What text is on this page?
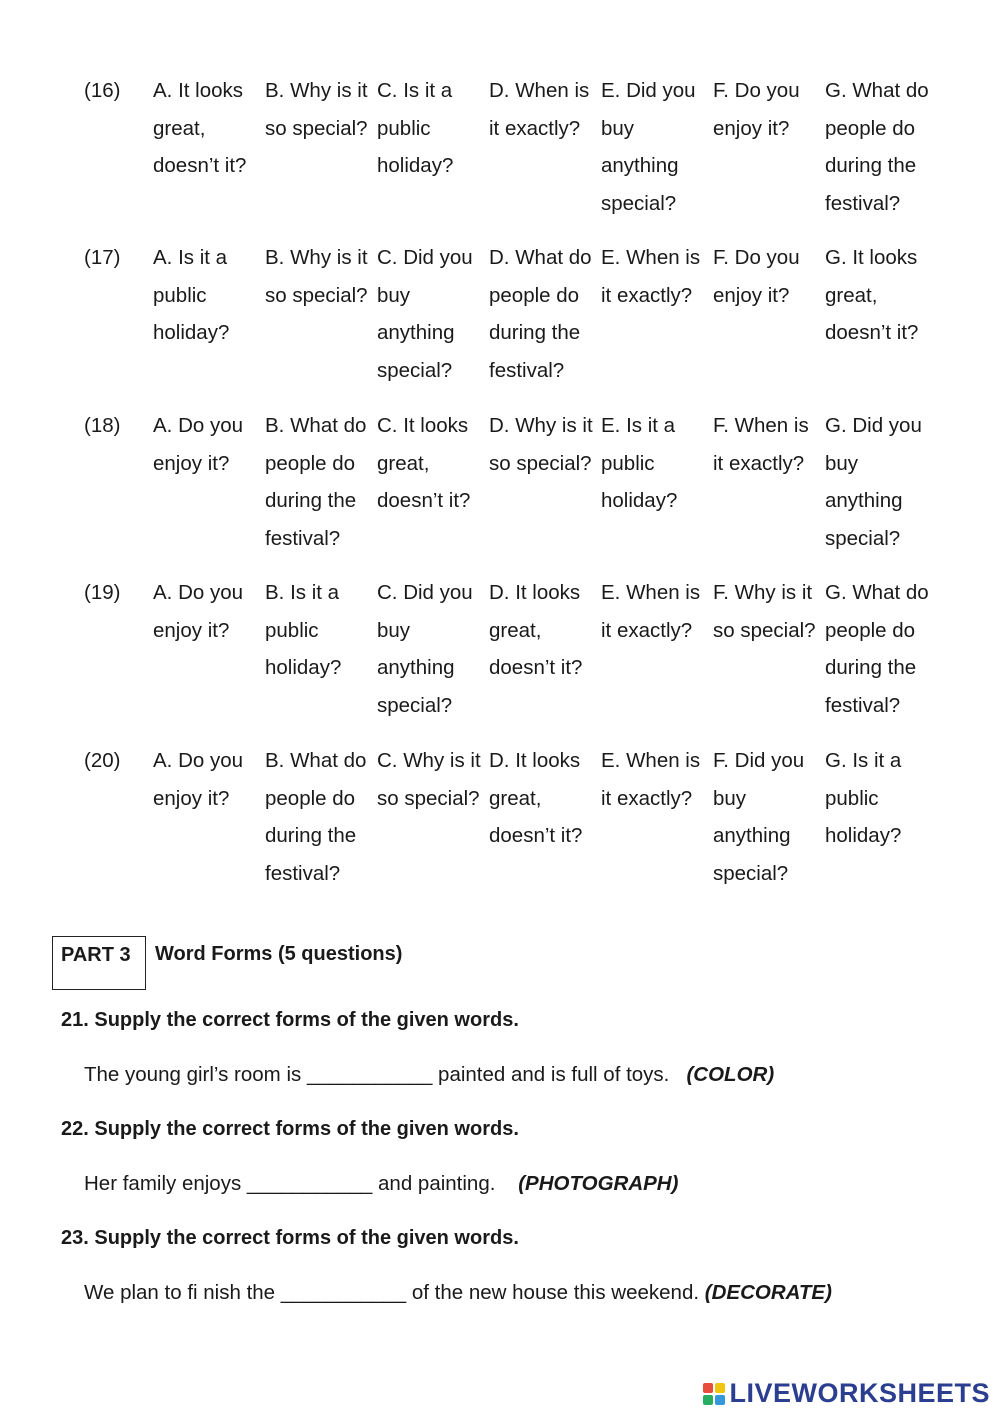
(16) A. It looks great, doesn’t it?
B. Why is it so special?
C. Is it a public holiday?
D. When is it exactly?
E. Did you buy anything special?
F. Do you enjoy it?
G. What do people do during the festival?
(17) A. Is it a public holiday?
B. Why is it so special?
C. Did you buy anything special?
D. What do people do during the festival?
E. When is it exactly?
F. Do you enjoy it?
G. It looks great, doesn’t it?
(18) A. Do you enjoy it?
B. What do people do during the festival?
C. It looks great, doesn’t it?
D. Why is it so special?
E. Is it a public holiday?
F. When is it exactly?
G. Did you buy anything special?
(19) A. Do you enjoy it?
B. Is it a public holiday?
C. Did you buy anything special?
D. It looks great, doesn’t it?
E. When is it exactly?
F. Why is it so special?
G. What do people do during the festival?
(20) A. Do you enjoy it?
B. What do people do during the festival?
C. Why is it so special?
D. It looks great, doesn’t it?
E. When is it exactly?
F. Did you buy anything special?
G. Is it a public holiday?
PART 3 Word Forms (5 questions)
21. Supply the correct forms of the given words.
The young girl’s room is ___________ painted and is full of toys. (COLOR)
22. Supply the correct forms of the given words.
Her family enjoys ___________ and painting. (PHOTOGRAPH)
23. Supply the correct forms of the given words.
We plan to fi nish the ___________ of the new house this weekend. (DECORATE)
LIVEWORKSHEETS
